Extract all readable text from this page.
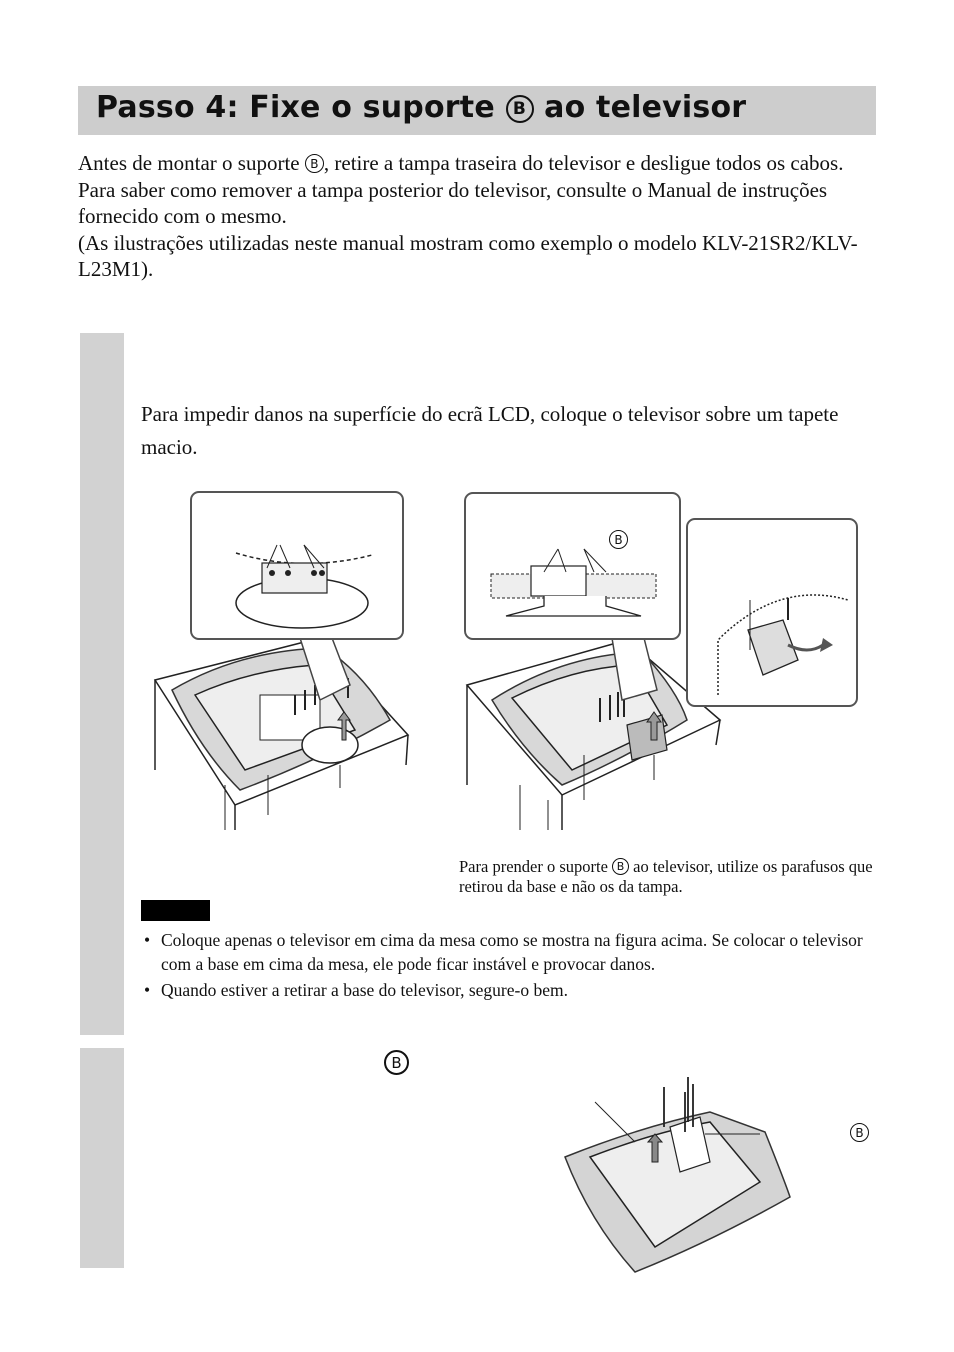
Passo 4: Fixe o suporte B ao televisor

Antes de montar o suporte B , retire a tampa traseira do televisor e desligue todos os cabos.

Para saber como remover a tampa posterior do televisor, consulte o Manual de instruções fornecido com o mesmo.

(As ilustrações utilizadas neste manual mostram como exemplo o modelo KLV-21SR2/KLV-L23M1).

Para impedir danos na superfície do ecrã LCD, coloque o televisor sobre um tapete macio.
B
Para prender o suporte B ao televisor, utilize os parafusos que retirou da base e não os da tampa.
• Coloque apenas o televisor em cima da mesa como se mostra na figura acima. Se colocar o televisor com a base em cima da mesa, ele pode ficar instável e provocar danos.
• Quando estiver a retirar a base do televisor, segure-o bem.
B
B
